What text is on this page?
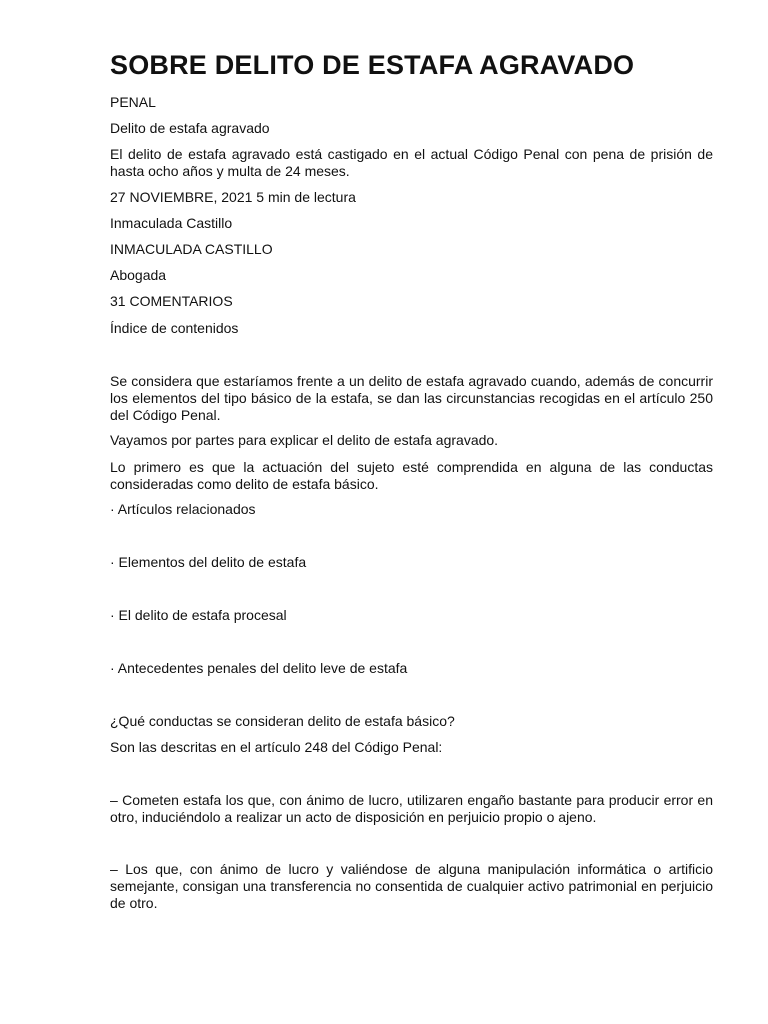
SOBRE DELITO DE ESTAFA AGRAVADO

PENAL

Delito de estafa agravado

El delito de estafa agravado está castigado en el actual Código Penal con pena de prisión de hasta ocho años y multa de 24 meses.

27 NOVIEMBRE, 2021 5 min de lectura

Inmaculada Castillo

INMACULADA CASTILLO

Abogada

31 COMENTARIOS

Índice de contenidos

Se considera que estaríamos frente a un delito de estafa agravado cuando, además de concurrir los elementos del tipo básico de la estafa, se dan las circunstancias recogidas en el artículo 250 del Código Penal.

Vayamos por partes para explicar el delito de estafa agravado.

Lo primero es que la actuación del sujeto esté comprendida en alguna de las conductas consideradas como delito de estafa básico.

· Artículos relacionados

· Elementos del delito de estafa

· El delito de estafa procesal

· Antecedentes penales del delito leve de estafa

¿Qué conductas se consideran delito de estafa básico?

Son las descritas en el artículo 248 del Código Penal:

– Cometen estafa los que, con ánimo de lucro, utilizaren engaño bastante para producir error en otro, induciéndolo a realizar un acto de disposición en perjuicio propio o ajeno.

– Los que, con ánimo de lucro y valiéndose de alguna manipulación informática o artificio semejante, consigan una transferencia no consentida de cualquier activo patrimonial en perjuicio de otro.
